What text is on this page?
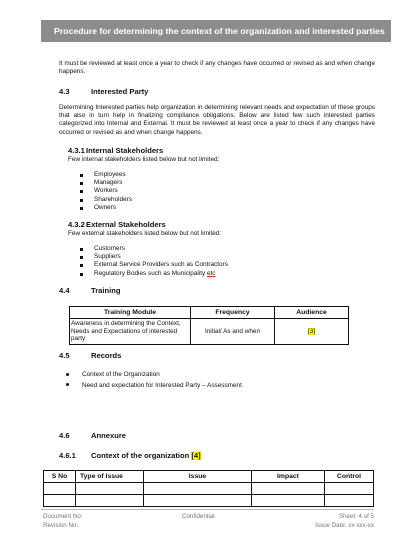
Procedure for determining the context of the organization and interested parties
It must be reviewed at least once a year to check if any changes have occurred or revised as and when change happens.
4.3	Interested Party
Determining Interested parties help organization in determining relevant needs and expectation of these groups that also in turn help in finalizing compliance obligations. Below are listed few such interested parties categorized into Internal and External. It must be reviewed at least once a year to check if any changes have occurred or revised as and when change happens.
4.3.1Internal Stakeholders
Few internal stakeholders listed below but not limited:
Employees
Managers
Workers
Shareholders
Owners
4.3.2External Stakeholders
Few external stakeholders listed below but not limited:
Customers
Suppliers
External Service Providers such as Contractors
Regulatory Bodies such as Municipality etc
4.4	Training
Training Module	Frequency	Audience
Awareness in determining the Context, Needs and Expectations of interested party	Initial/ As and when	[3]
4.5	Records
Context of the Organization
Need and expectation for Interested Party – Assessment
4.6	Annexure
4.6.1 Context of the organization [4]
S No	Type of Issue	Issue	Impact	Control

Document No:
Revision No:
Confidential	Sheet: 4 of 5
Issue Date: xx-xxx-xx
